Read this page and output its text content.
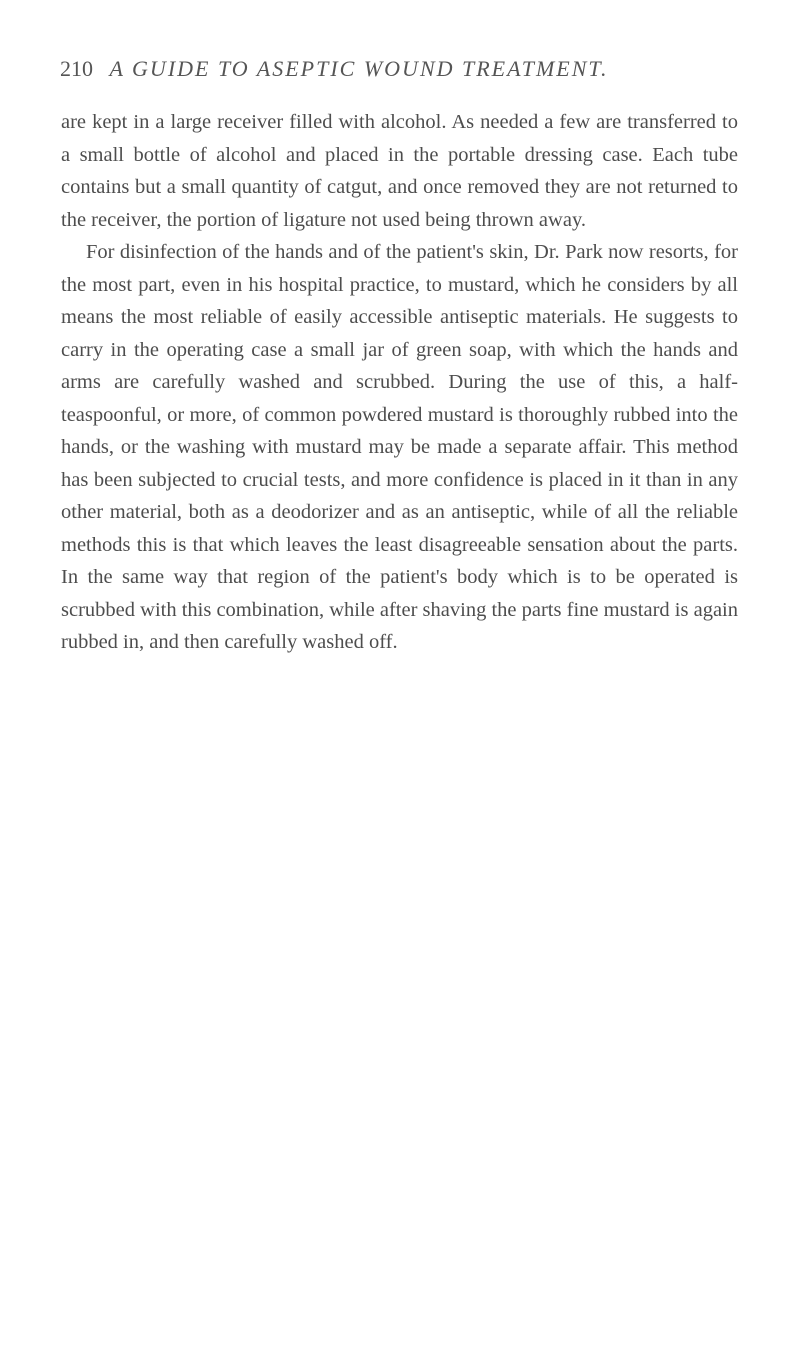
210 A GUIDE TO ASEPTIC WOUND TREATMENT.

are kept in a large receiver filled with alcohol. As needed a few are transferred to a small bottle of alcohol and placed in the portable dressing case. Each tube contains but a small quantity of catgut, and once removed they are not returned to the receiver, the portion of ligature not used being thrown away.

For disinfection of the hands and of the patient's skin, Dr. Park now resorts, for the most part, even in his hospital practice, to mustard, which he considers by all means the most reliable of easily accessible antiseptic materials. He suggests to carry in the operating case a small jar of green soap, with which the hands and arms are carefully washed and scrubbed. During the use of this, a half-teaspoonful, or more, of common powdered mustard is thoroughly rubbed into the hands, or the washing with mustard may be made a separate affair. This method has been subjected to crucial tests, and more confidence is placed in it than in any other material, both as a deodorizer and as an antiseptic, while of all the reliable methods this is that which leaves the least disagreeable sensation about the parts. In the same way that region of the patient's body which is to be operated is scrubbed with this combination, while after shaving the parts fine mustard is again rubbed in, and then carefully washed off.
